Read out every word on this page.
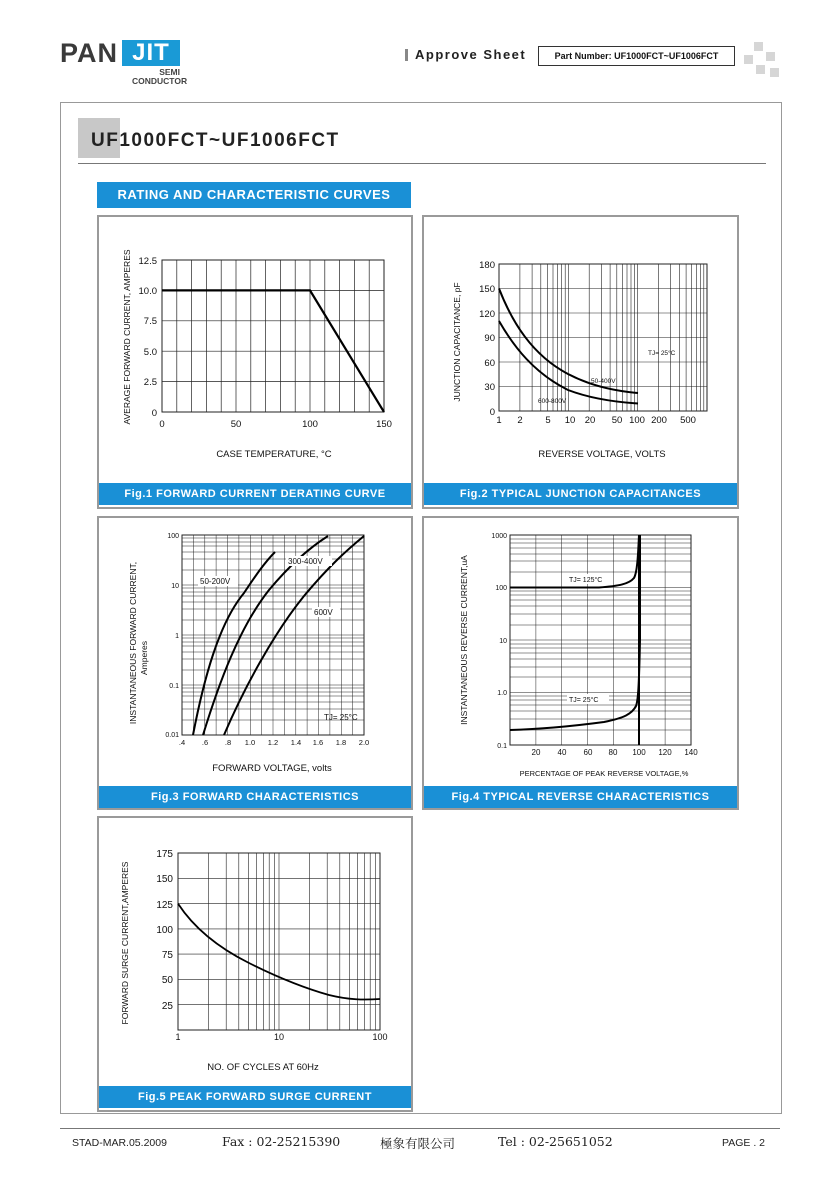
PAN JIT
SEMI
CONDUCTOR
Approve Sheet	Part Number: UF1000FCT~UF1006FCT
UF1000FCT~UF1006FCT
RATING AND CHARACTERISTIC CURVES
12.5
10.0
7.5
5.0
2.5
0
0	50	100	150
CASE TEMPERATURE, °C
AVERAGE FORWARD CURRENT, AMPERES
Fig.1 FORWARD CURRENT DERATING CURVE
180
150
120
90
60
30
0
1 2 5 10 20 50 100 200 500
TJ= 25°C
50-400V
600-800V
REVERSE VOLTAGE, VOLTS
JUNCTION CAPACITANCE, pF
Fig.2 TYPICAL JUNCTION CAPACITANCES
100
10
1
0.1
0.01
.4 .6 .8 1.0 1.2 1.4 1.6 1.8 2.0
50-200V
300-400V
600V
TJ= 25°C
FORWARD VOLTAGE, volts
INSTANTANEOUS FORWARD CURRENT, Amperes
Fig.3 FORWARD CHARACTERISTICS
1000
100
10
1.0
0.1
20 40 60 80 100 120 140
TJ= 125°C
TJ= 25°C
PERCENTAGE OF PEAK REVERSE VOLTAGE,%
INSTANTANEOUS REVERSE CURRENT,uA
Fig.4 TYPICAL REVERSE CHARACTERISTICS
175
150
125
100
75
50
25
1	10	100
NO. OF CYCLES AT 60Hz
FORWARD SURGE CURRENT,AMPERES
Fig.5 PEAK FORWARD SURGE CURRENT
STAD-MAR.05.2009	Fax : 02-25215390	極象有限公司	Tel : 02-25651052	PAGE . 2
